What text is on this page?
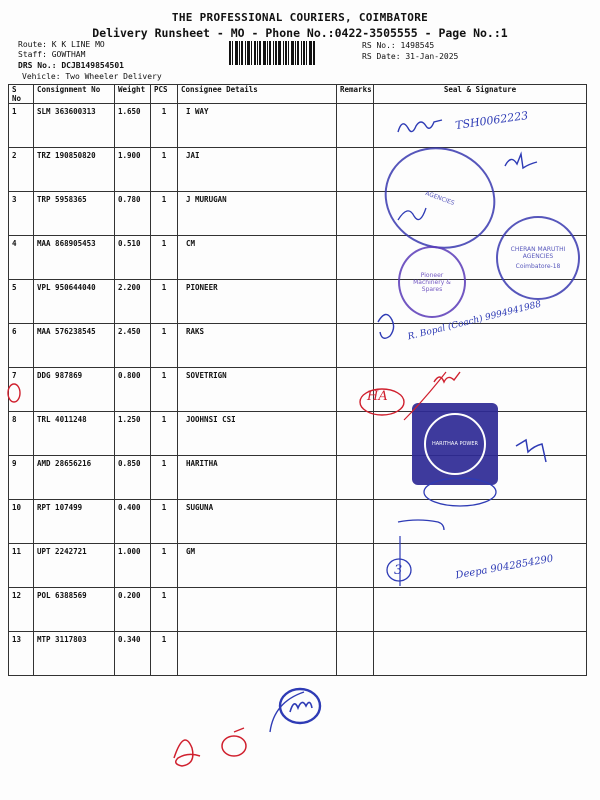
THE PROFESSIONAL COURIERS, COIMBATORE
Delivery Runsheet - MO - Phone No.:0422-3505555 - Page No.:1
Route: K K LINE MO
Staff: GOWTHAM
DRS No.: DCJB149854501
Vehicle: Two Wheeler Delivery
RS No.: 1498545
RS Date: 31-Jan-2025
S No	Consignment No	Weight	PCS	Consignee Details	Remarks	Seal & Signature
1	SLM 363600313	1.650	1	I WAY		
2	TRZ 190850820	1.900	1	JAI		
3	TRP 5958365	0.780	1	J MURUGAN		
4	MAA 868905453	0.510	1	CM		
5	VPL 950644040	2.200	1	PIONEER		
6	MAA 576238545	2.450	1	RAKS		
7	DDG 987869	0.800	1	SOVETRIGN		
8	TRL 4011248	1.250	1	JOOHNSI CSI		
9	AMD 28656216	0.850	1	HARITHA		
10	RPT 107499	0.400	1	SUGUNA		
11	UPT 2242721	1.000	1	GM		
12	POL 6388569	0.200	1			
13	MTP 3117803	0.340	1			
AGENCIES
CHERAN MARUTHI AGENCIES
Coimbatore-18
Pioneer Machinery & Spares
HARITHAA POWER
TSH0062223
R. Bopal (Coach) 9994941988
HA
3	Deepa 9042854290
